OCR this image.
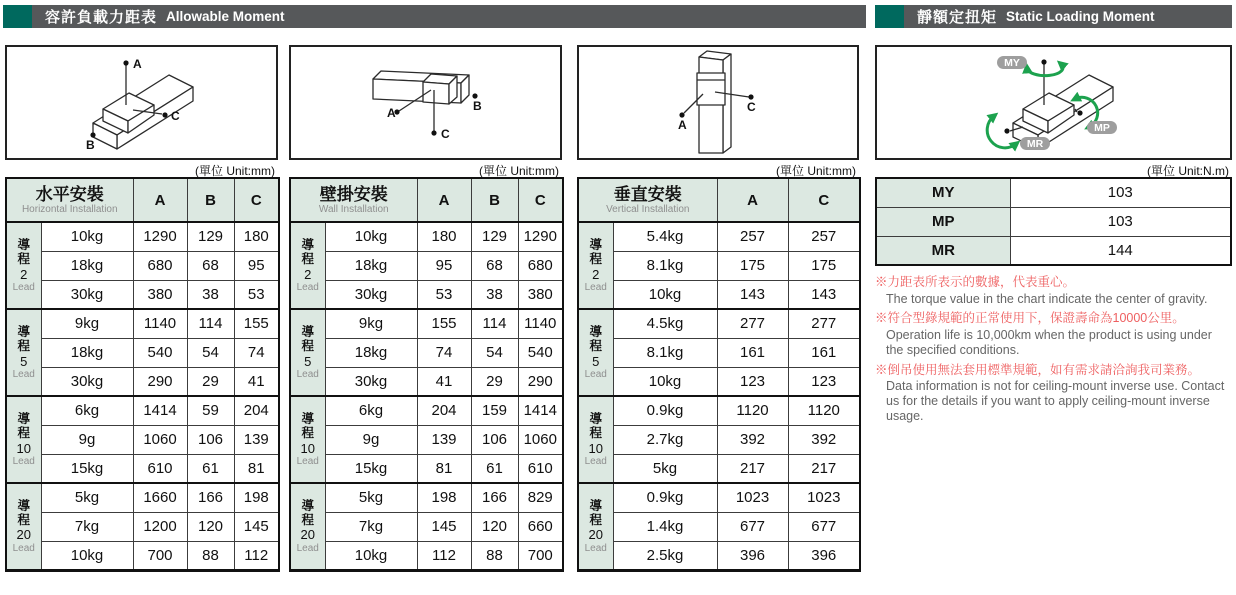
容許負載力距表 Allowable Moment	靜額定扭矩 Static Loading Moment
A
C
B
(單位 Unit:mm)
水平安裝
Horizontal Installation		A	B	C

導程
2
Lead	10kg	1290	129	180
	18kg	680	68	95
	30kg	380	38	53

導程
5
Lead	9kg	1140	114	155
	18kg	540	54	74
	30kg	290	29	41

導程
10
Lead	6kg	1414	59	204
	9g	1060	106	139
	15kg	610	61	81

導程
20
Lead	5kg	1660	166	198
	7kg	1200	120	145
	10kg	700	88	112
A
C
B
(單位 Unit:mm)
壁掛安裝
Wall Installation		A	B	C

導程
2
Lead	10kg	180	129	1290
	18kg	95	68	680
	30kg	53	38	380

導程
5
Lead	9kg	155	114	1140
	18kg	74	54	540
	30kg	41	29	290

導程
10
Lead	6kg	204	159	1414
	9g	139	106	1060
	15kg	81	61	610

導程
20
Lead	5kg	198	166	829
	7kg	145	120	660
	10kg	112	88	700
A
C
(單位 Unit:mm)
垂直安裝
Vertical Installation		A	C

導程
2
Lead	5.4kg	257	257
	8.1kg	175	175
	10kg	143	143

導程
5
Lead	4.5kg	277	277
	8.1kg	161	161
	10kg	123	123

導程
10
Lead	0.9kg	1120	1120
	2.7kg	392	392
	5kg	217	217

導程
20
Lead	0.9kg	1023	1023
	1.4kg	677	677
	2.5kg	396	396
MY
MP
MR
(單位 Unit:N.m)
MY	103
MP	103
MR	144
※力距表所表示的數據，代表重心。
The torque value in the chart indicate the center of gravity.
※符合型錄規範的正常使用下，保證壽命為10000公里。
Operation life is 10,000km when the product is using under the specified conditions.
※倒吊使用無法套用標準規範，如有需求請洽詢我司業務。
Data information is not for ceiling-mount inverse use. Contact us for the details if you want to apply ceiling-mount inverse usage.
